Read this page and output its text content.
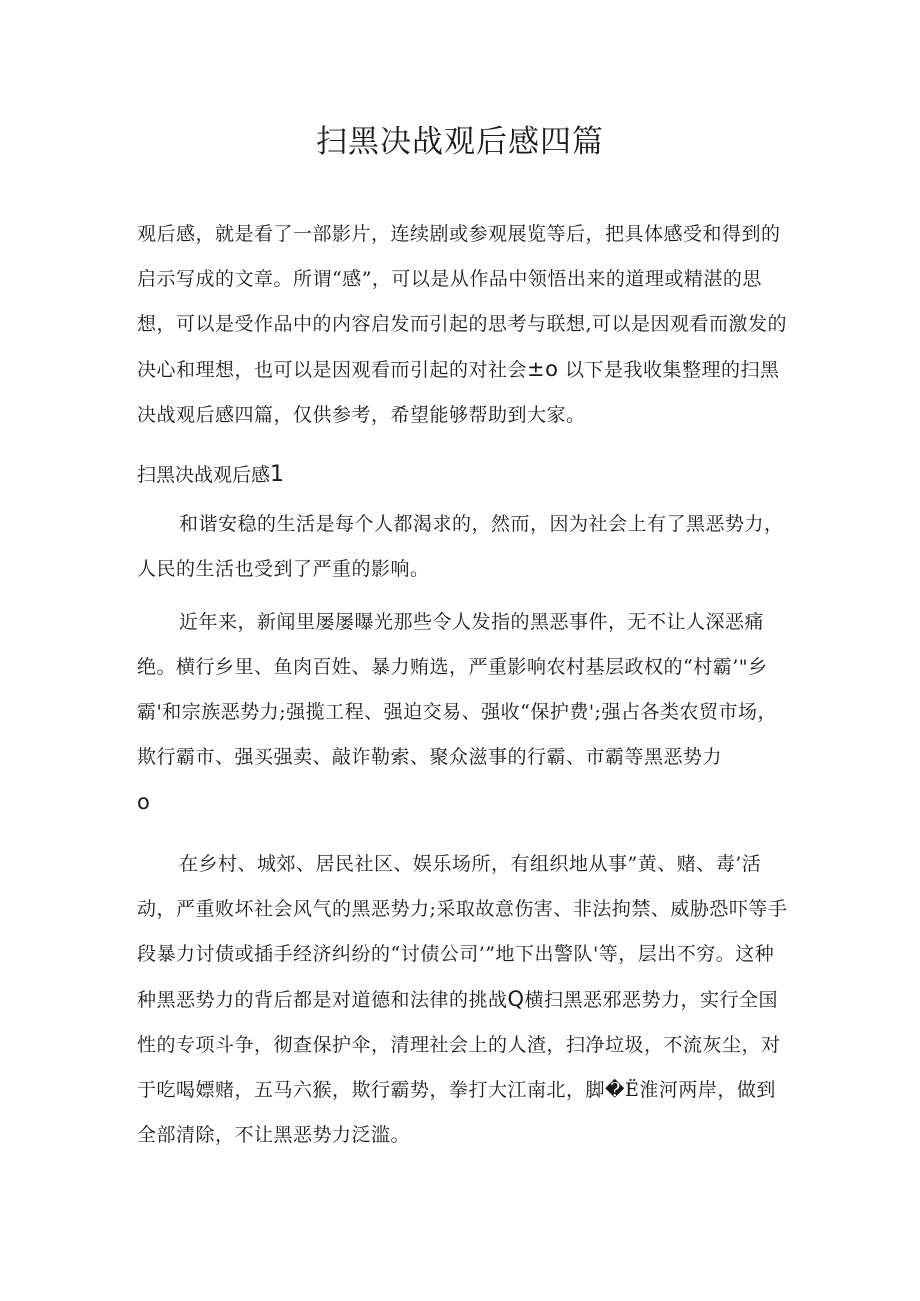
扫黑决战观后感四篇

观后感，就是看了一部影片，连续剧或参观展览等后，把具体感受和得到的启示写成的文章。所谓“感”，可以是从作品中领悟出来的道理或精湛的思想，可以是受作品中的内容启发而引起的思考与联想,可以是因观看而激发的决心和理想，也可以是因观看而引起的对社会±o 以下是我收集整理的扫黑决战观后感四篇，仅供参考，希望能够帮助到大家。

扫黑决战观后感1

和谐安稳的生活是每个人都渴求的，然而，因为社会上有了黑恶势力，人民的生活也受到了严重的影响。

近年来，新闻里屡屡曝光那些令人发指的黑恶事件，无不让人深恶痛绝。横行乡里、鱼肉百姓、暴力贿选，严重影响农村基层政权的“村霸’"乡霸'和宗族恶势力;强揽工程、强迫交易、强收“保护费';强占各类农贸市场，欺行霸市、强买强卖、敲诈勒索、聚众滋事的行霸、市霸等黑恶势力
o

在乡村、城郊、居民社区、娱乐场所，有组织地从事”黄、赌、毒’活动，严重败坏社会风气的黑恶势力;采取故意伤害、非法拘禁、威胁恐吓等手段暴力讨债或插手经济纠纷的“讨债公司’”地下出警队'等，层出不穷。这种种黑恶势力的背后都是对道德和法律的挑战Q横扫黑恶邪恶势力，实行全国性的专项斗争，彻查保护伞，清理社会上的人渣，扫净垃圾，不流灰尘，对于吃喝嫖赌，五马六猴，欺行霸势，拳打大江南北，脚�Ё淮河两岸，做到全部清除，不让黑恶势力泛滥。
